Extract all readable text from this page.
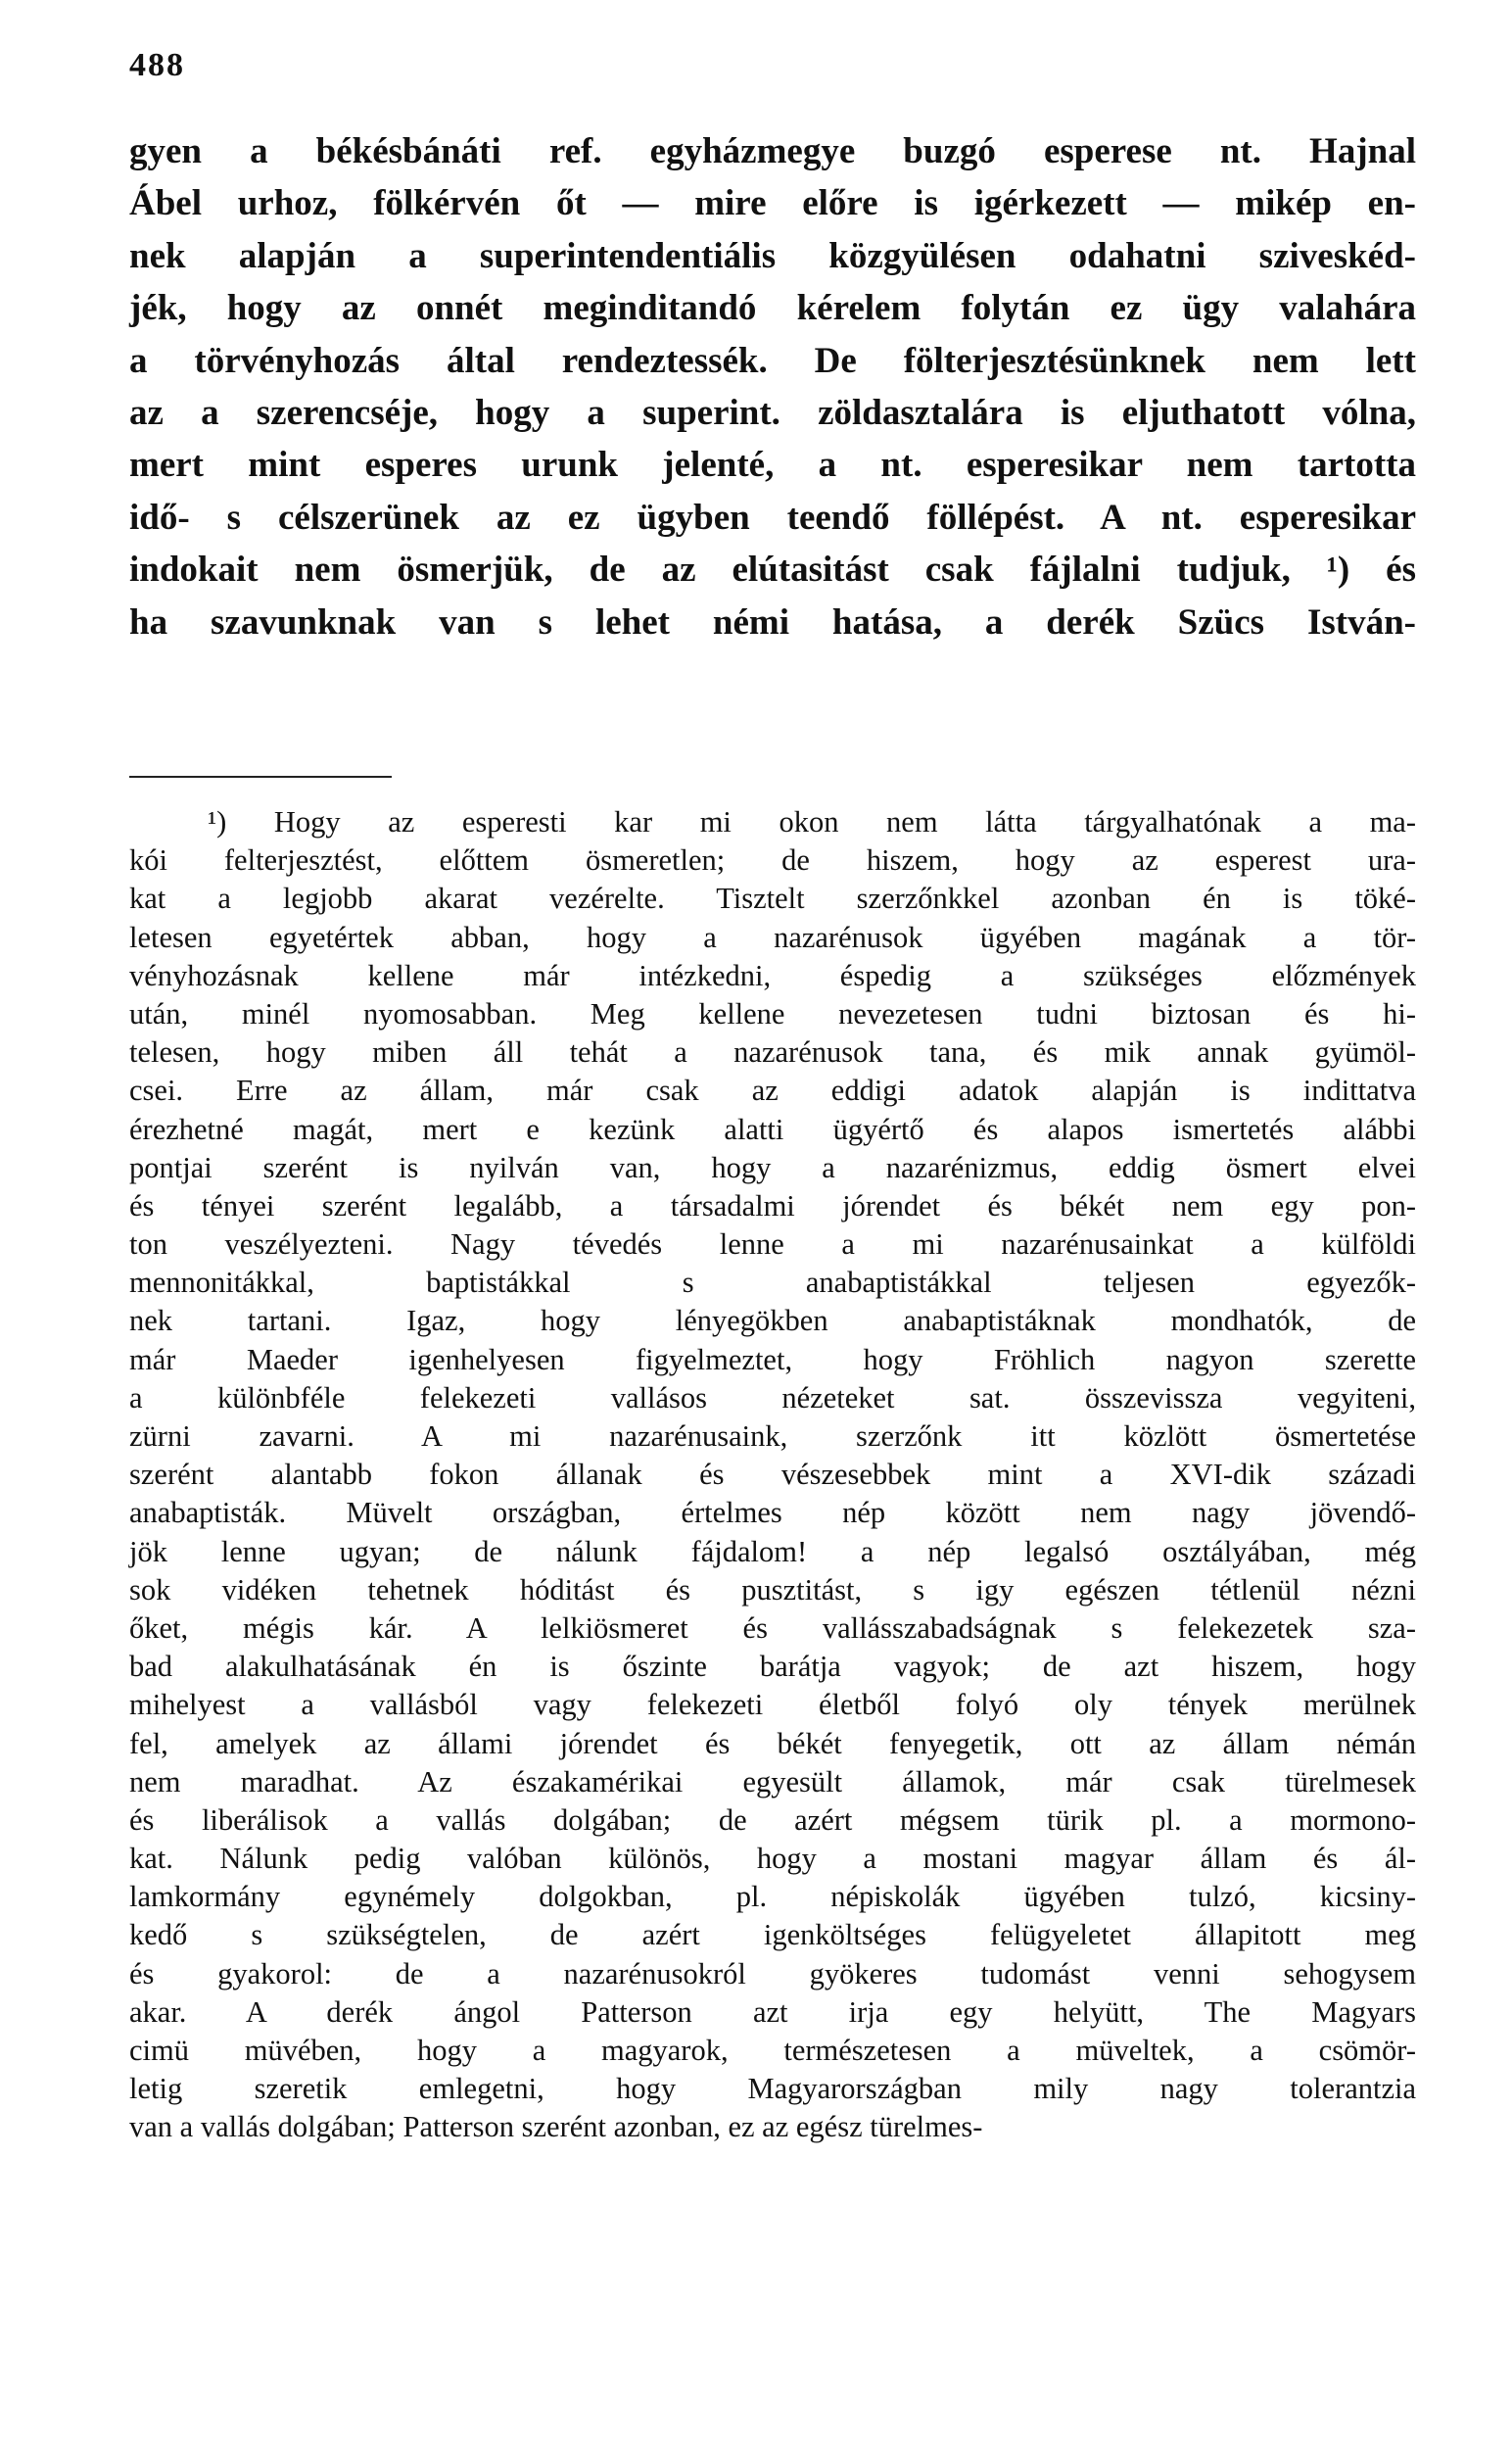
488
gyen a békésbánáti ref. egyházmegye buzgó esperese nt. Hajnal
Ábel urhoz, fölkérvén őt — mire előre is igérkezett — mikép en-
nek alapján a superintendentiális közgyülésen odahatni sziveskéd-
jék, hogy az onnét meginditandó kérelem folytán ez ügy valahára
a törvényhozás által rendeztessék. De fölterjesztésünknek nem lett
az a szerencséje, hogy a superint. zöldasztalára is eljuthatott vólna,
mert mint esperes urunk jelenté, a nt. esperesikar nem tartotta
idő- s célszerünek az ez ügyben teendő föllépést. A nt. esperesikar
indokait nem ösmerjük, de az elútasitást csak fájlalni tudjuk, ¹) és
ha szavunknak van s lehet némi hatása, a derék Szücs István-
¹) Hogy az esperesti kar mi okon nem látta tárgyalhatónak a ma-
kói felterjesztést, előttem ösmeretlen; de hiszem, hogy az esperest ura-
kat a legjobb akarat vezérelte. Tisztelt szerzőnkkel azonban én is töké-
letesen egyetértek abban, hogy a nazarénusok ügyében magának a tör-
vényhozásnak kellene már intézkedni, éspedig a szükséges előzmények
után, minél nyomosabban. Meg kellene nevezetesen tudni biztosan és hi-
telesen, hogy miben áll tehát a nazarénusok tana, és mik annak gyümöl-
csei. Erre az állam, már csak az eddigi adatok alapján is indittatva
érezhetné magát, mert e kezünk alatti ügyértő és alapos ismertetés alábbi
pontjai szerént is nyilván van, hogy a nazarénizmus, eddig ösmert elvei
és tényei szerént legalább, a társadalmi jórendet és békét nem egy pon-
ton veszélyezteni. Nagy tévedés lenne a mi nazarénusainkat a külföldi
mennonitákkal, baptistákkal s anabaptistákkal teljesen egyezők-
nek tartani. Igaz, hogy lényegökben anabaptistáknak mondhatók, de
már Maeder igenhelyesen figyelmeztet, hogy Fröhlich nagyon szerette
a különbféle felekezeti vallásos nézeteket sat. összevissza vegyiteni,
zürni zavarni. A mi nazarénusaink, szerzőnk itt közlött ösmertetése
szerént alantabb fokon állanak és vészesebbek mint a XVI-dik századi
anabaptisták. Müvelt országban, értelmes nép között nem nagy jövendő-
jök lenne ugyan; de nálunk fájdalom! a nép legalsó osztályában, még
sok vidéken tehetnek hóditást és pusztitást, s igy egészen tétlenül nézni
őket, mégis kár. A lelkiösmeret és vallásszabadságnak s felekezetek sza-
bad alakulhatásának én is őszinte barátja vagyok; de azt hiszem, hogy
mihelyest a vallásból vagy felekezeti életből folyó oly tények merülnek
fel, amelyek az állami jórendet és békét fenyegetik, ott az állam némán
nem maradhat. Az északamérikai egyesült államok, már csak türelmesek
és liberálisok a vallás dolgában; de azért mégsem türik pl. a mormono-
kat. Nálunk pedig valóban különös, hogy a mostani magyar állam és ál-
lamkormány egynémely dolgokban, pl. népiskolák ügyében tulzó, kicsiny-
kedő s szükségtelen, de azért igenköltséges felügyeletet állapitott meg
és gyakorol: de a nazarénusokról gyökeres tudomást venni sehogysem
akar. A derék ángol Patterson azt irja egy helyütt, The Magyars
cimü müvében, hogy a magyarok, természetesen a müveltek, a csömör-
letig szeretik emlegetni, hogy Magyarországban mily nagy tolerantzia
van a vallás dolgában; Patterson szerént azonban, ez az egész türelmes-
